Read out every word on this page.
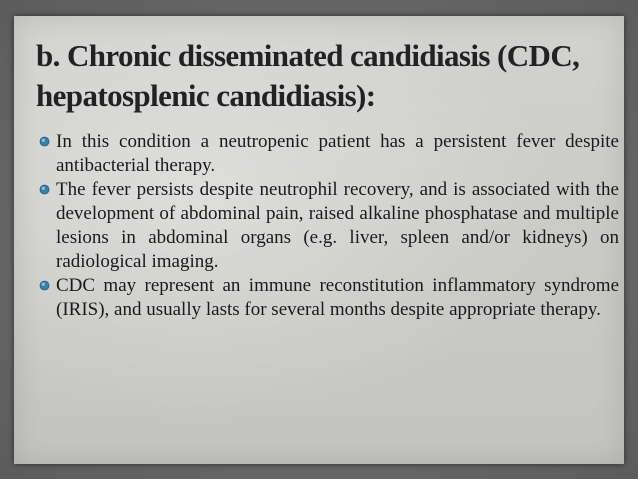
b. Chronic disseminated candidiasis (CDC,
hepatosplenic candidiasis):
In this condition a neutropenic patient has a persistent fever despite antibacterial therapy.
The fever persists despite neutrophil recovery, and is associated with the development of abdominal pain, raised alkaline phosphatase and multiple lesions in abdominal organs (e.g. liver, spleen and/or kidneys) on radiological imaging.
CDC may represent an immune reconstitution inflammatory syndrome (IRIS), and usually lasts for several months despite appropriate therapy.
